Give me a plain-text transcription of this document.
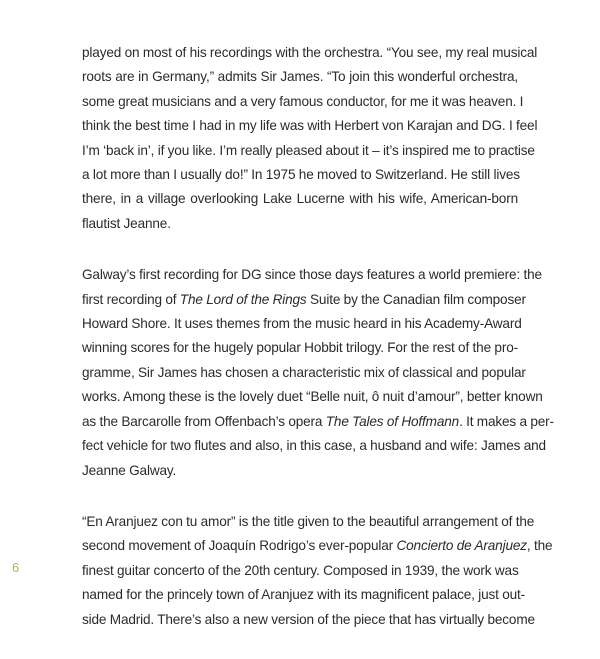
played on most of his recordings with the orchestra. “You see, my real musical
roots are in Germany,” admits Sir James. “To join this wonderful orchestra,
some great musicians and a very famous conductor, for me it was heaven. I
think the best time I had in my life was with Herbert von Karajan and DG. I feel
I’m ‘back in’, if you like. I’m really pleased about it – it’s inspired me to practise
a lot more than I usually do!” In 1975 he moved to Switzerland. He still lives
there, in a village overlooking Lake Lucerne with his wife, American-born
flautist Jeanne.

Galway’s first recording for DG since those days features a world premiere: the
first recording of The Lord of the Rings Suite by the Canadian film composer
Howard Shore. It uses themes from the music heard in his Academy-Award
winning scores for the hugely popular Hobbit trilogy. For the rest of the pro-
gramme, Sir James has chosen a characteristic mix of classical and popular
works. Among these is the lovely duet “Belle nuit, ô nuit d’amour”, better known
as the Barcarolle from Offenbach’s opera The Tales of Hoffmann. It makes a per-
fect vehicle for two flutes and also, in this case, a husband and wife: James and
Jeanne Galway.

“En Aranjuez con tu amor” is the title given to the beautiful arrangement of the
second movement of Joaquín Rodrigo’s ever-popular Concierto de Aranjuez, the
finest guitar concerto of the 20th century. Composed in 1939, the work was
named for the princely town of Aranjuez with its magnificent palace, just out-
side Madrid. There’s also a new version of the piece that has virtually become

6
